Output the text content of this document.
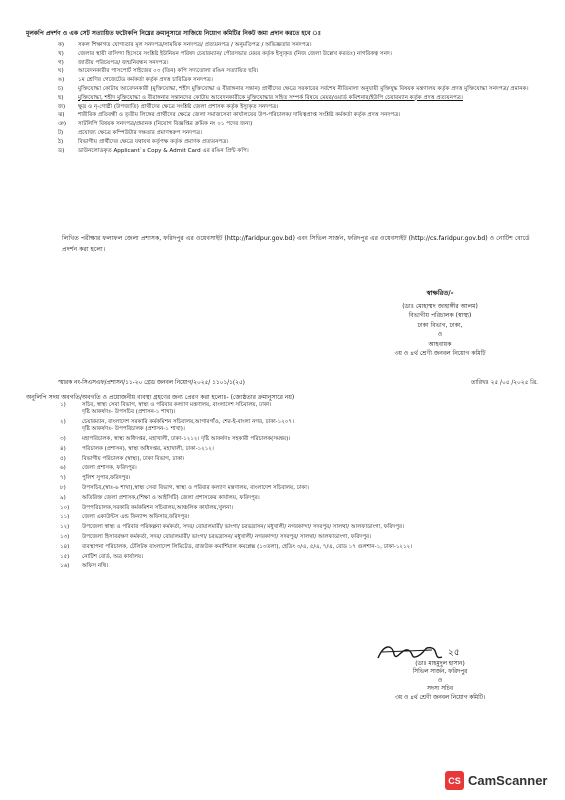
মূলকপি প্রদর্শণ ও এক সেট সত্যায়িত ফটোকপি নিম্নের ক্রমানুসারে সাজিয়ে নিয়োগ কমিটির নিকট জমা প্রদান করতে হবে ঃ
ক) সকল শিক্ষাগত যোগ্যতার মূল সনদপত্র/সাময়িক সনদপত্র/ প্রত্যয়নপত্র / অনুমতিপত্র / অভিজ্ঞতার সনদপত্র।
খ)	জেলার স্থায়ী বাসিন্দা হিসেবে সংশ্লিষ্ট ইউনিয়ন পরিষদ চেয়ারম্যান/ পৌরসভার মেয়র কর্তৃক ইস্যুকৃত (নিজ জেলা উল্লেখ করতঃ) নাগরিকত্ব সনদ।
গ)	জাতীয় পরিচয়পত্র/ জন্মনিবন্ধন সনদপত্র।
ঘ)	আবেদনকারীর পাসপোর্ট সাইজের ০৩ (তিন) কপি সদ্যতোলা রঙিন সত্যায়িত ছবি।
ঙ) ১ম শ্রেণির গেজেটেড কর্মকর্তা কর্তৃক প্রদত্ত চারিত্রিক সনদপত্র।
চ)	মুক্তিযোদ্ধা কোটায় আবেদনকারী (মুক্তিযোদ্ধা, শহীদ মুক্তিযোদ্ধা ও বীরাঙ্গনার সন্তান) প্রার্থীদের ক্ষেত্রে সরকারের সর্বশেষ নীতিমালা অনুযায়ী মুক্তিযুদ্ধ বিষয়ক মন্ত্রণালয় কর্তৃক প্রদত্ত মুক্তিযোদ্ধা সনদপত্র/ প্রমানক।
ছ)	মুক্তিযোদ্ধা, শহীদ মুক্তিযোদ্ধা ও বীরাঙ্গনার সন্তানদের কোটায় আবেদনকারীকে মুক্তিযোদ্ধার সহিত সম্পর্ক বিষয়ে মেয়র/ওয়ার্ড কমিশনার/ইউপি চেয়ারম্যান কর্তৃক প্রদত্ত প্রত্যয়নপত্র।
জ) ক্ষুদ্র ও নৃ-গোষ্ঠী (উপজাতি) প্রার্থীদের ক্ষেত্রে সংশ্লিষ্ট জেলা প্রশাসক কর্তৃক ইস্যুকৃত সনদপত্র।
ঝ) শারীরিক প্রতিবন্ধী ও তৃতীয় লিঙ্গের প্রার্থীদের ক্ষেত্রে জেলা সমাজসেবা কার্যালয়ের উপ-পরিচালক/ দায়িত্বপ্রাপ্ত সংশ্লিষ্ট কর্মকর্তা কর্তৃক প্রদত্ত সনদপত্র।
ঞ) সাটলিপি বিষয়ক সনদপত্র/প্রমানক (নিয়োগ বিজ্ঞপ্তির ক্রমিক নং ০১ পদের জন্য)
ট)	প্রযোজ্য ক্ষেত্রে কম্পিউটার দক্ষতার প্রমাণস্বরুপ সনদপত্র।
ঠ)	বিভাগীয় প্রার্থীদের ক্ষেত্রে যথাযথ কর্তৃপক্ষ কর্তৃক প্রমাণক প্রত্যয়নপত্র।
ড) ডাউনলোডকৃত Applicant`s Copy & Admit Card এর রঙিন প্রিন্ট কপি।
লিখিত পরীক্ষার ফলাফল জেলা প্রশাসক, ফরিদপুর এর ওয়েবসাইট (http://faridpur.gov.bd) এবং সিভিল সার্জন, ফরিদপুর এর ওয়েবসাইট (http://cs.faridpur.gov.bd) ও নোটিশ বোর্ডে প্রদর্শন করা হলো।
স্বাক্ষরিত/-
(ডাঃ মোহাম্মদ জাহাঙ্গীর আলম)
বিভাগীয় পরিচালক (স্বাস্থ্য)
ঢাকা বিভাগ, ঢাকা,
ও
আহবায়ক
৩য় ও ৪র্থ শ্রেণী জনবল নিয়োগ কমিটি
স্মারক নং-সিএসএফ/প্রশাসন/১১-২০ গ্রেড জনবল নিয়োগ/২০২৫/ ১১০১/১(২৫)	তারিখঃ ২৫ /০৫ /২০২৫ খ্রি.
অনুলিপি সদয় অবগতি/অবগতি ও প্রয়োজনীয় ব্যবস্থা গ্রহণের জন্য প্রেরণ করা হলোঃ- (জ্যেষ্ঠতার ক্রমানুসারে নয়)
১)	সচিব, স্বাস্থ্য সেবা বিভাগ, স্বাস্থ্য ও পরিবার কল্যাণ মন্ত্রণালয়, বাংলাদেশ সচিবালয়, ঢাকা।
দৃষ্টি আকর্ষণঃ- উপসচিব (প্রশাসন-১ শাখা)।
২)	চেয়ারম্যান, বাংলাদেশ সরকারি কর্মকমিশন সচিবালয়,আগারগাঁও, শের-ই-বাংলা নগর, ঢাকা-১২০৭।
দৃষ্টি আকর্ষণঃ- উপপরিচালক (প্রশাসন-১ শাখা)।
৩)	মহাপরিচালক, স্বাস্থ্য অধিদপ্তর, মহাখালী, ঢাকা-১২১২। দৃষ্টি আকর্ষণঃ সহকারী পরিচালক(সমন্বয়)।
৪)	পরিচালক (প্রশাসন), স্বাস্থ্য অধিদপ্তর, মহাখালী, ঢাকা-১২১২।
৫)	বিভাগীয় পরিচালক (স্বাস্থ্য), ঢাকা বিভাগ, ঢাকা।
৬)	জেলা প্রশাসক, ফরিদপুর।
৭)	পুলিশ সুপার,ফরিদপুর।
৮)	উপসচিব,(স্বাঃ-৬ শাখা),স্বাস্থ্য সেবা বিভাগ, স্বাস্থ্য ও পরিবার কল্যাণ মন্ত্রণালয়, বাংলাদেশ সচিবালয়, ঢাকা।
৯)	অতিরিক্ত জেলা প্রশাসক,(শিক্ষা ও আইসিটি) জেলা প্রশাসকের কার্যালয়, ফরিদপুর।
১০) উপপরিচালক,সরকারি কর্মকমিশন সচিবালয়,আঞ্চলিক কার্যালয়,খুলনা।
১১) জেলা একাউন্টস এন্ড ফিন্যান্স অফিসার,ফরিদপুর।
১২) উপজেলা স্বাস্থ্য ও পরিবার পরিকল্পনা কর্মকর্তা, সদর/ বোয়ালমারী/ ভাংগা/ চরভদ্রাসন/ মধুখালী/ নগরকান্দা/ সদরপুর/ সালথা/ আলফাডাংগা, ফরিদপুর।
১৩) উপজেলা হিসাবরক্ষণ কর্মকর্তা, সদর/ বোয়ালমারী/ ভাংগা/ চরভদ্রাসন/ মধুখালী/ নগরকান্দা/ সদরপুর/ সালথা/ আলফাডাংগা, ফরিদপুর।
১৪) ব্যবস্থাপনা পরিচালক, টেলিটক বাংলাদেশ লিমিটেড, রাজউক কমার্শিয়াল কমপ্লেক্স (১৩তলা), হেডিং ৩/এ, ৫/এ, ৭/এ, রোড ১৭ গুলশান-১, ঢাকা-১২১২।
১৫) নোটিশ বোর্ড, অত্র কার্যালয়।
১৬) অফিস নথি।
২৫
(ডাঃ মাহমুদুল হাসান)
সিভিল সার্জন, ফরিদপুর
ও
সদস্য সচিব
৩য় ও ৪র্থ শ্রেণী জনবল নিয়োগ কমিটি।
CS CamScanner
